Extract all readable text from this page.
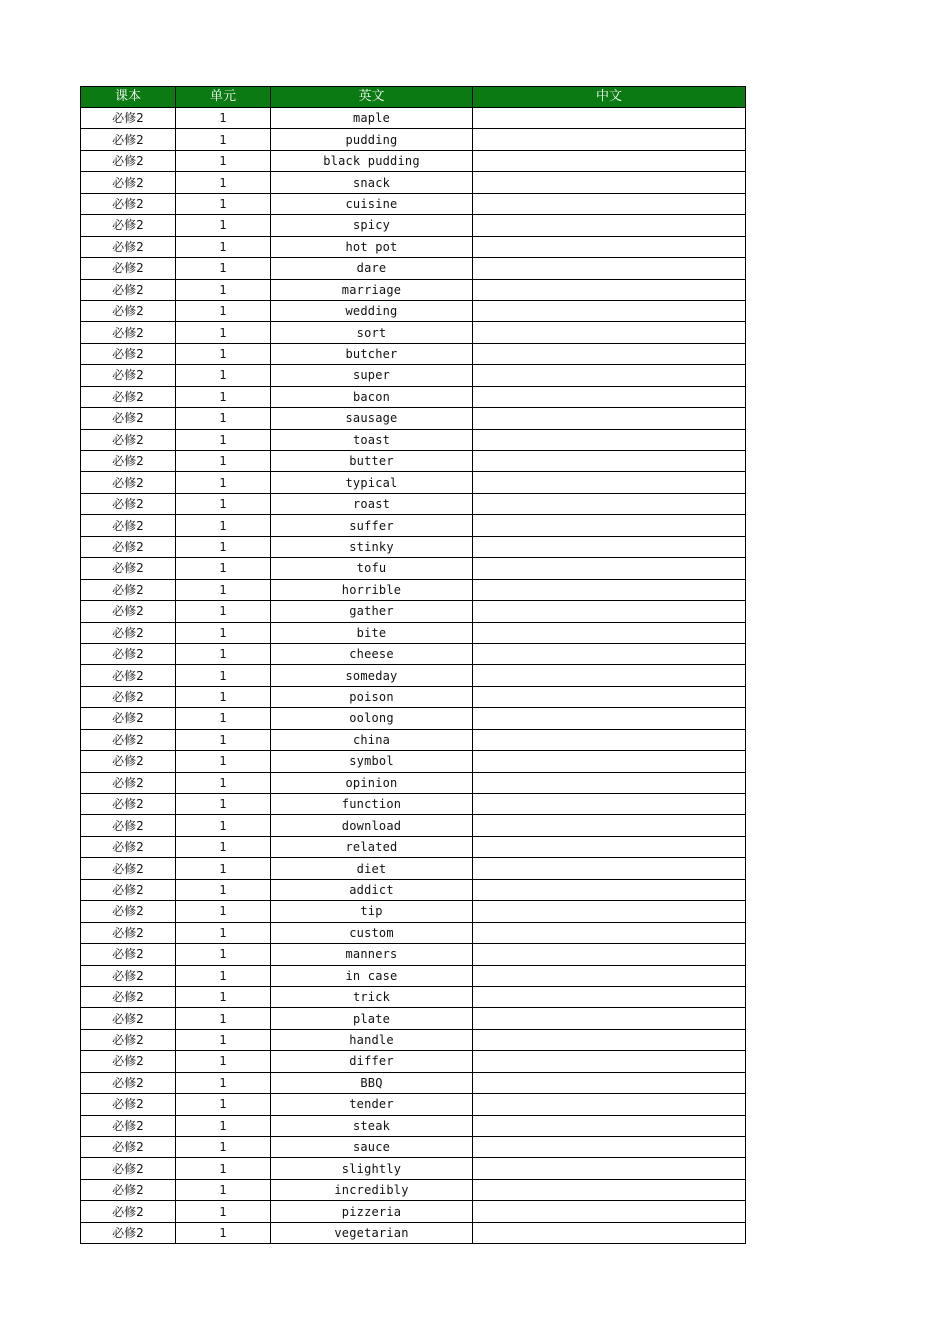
课本	单元	英文	中文
必修2	1	maple	
必修2	1	pudding	
必修2	1	black pudding	
必修2	1	snack	
必修2	1	cuisine	
必修2	1	spicy	
必修2	1	hot pot	
必修2	1	dare	
必修2	1	marriage	
必修2	1	wedding	
必修2	1	sort	
必修2	1	butcher	
必修2	1	super	
必修2	1	bacon	
必修2	1	sausage	
必修2	1	toast	
必修2	1	butter	
必修2	1	typical	
必修2	1	roast	
必修2	1	suffer	
必修2	1	stinky	
必修2	1	tofu	
必修2	1	horrible	
必修2	1	gather	
必修2	1	bite	
必修2	1	cheese	
必修2	1	someday	
必修2	1	poison	
必修2	1	oolong	
必修2	1	china	
必修2	1	symbol	
必修2	1	opinion	
必修2	1	function	
必修2	1	download	
必修2	1	related	
必修2	1	diet	
必修2	1	addict	
必修2	1	tip	
必修2	1	custom	
必修2	1	manners	
必修2	1	in case	
必修2	1	trick	
必修2	1	plate	
必修2	1	handle	
必修2	1	differ	
必修2	1	BBQ	
必修2	1	tender	
必修2	1	steak	
必修2	1	sauce	
必修2	1	slightly	
必修2	1	incredibly	
必修2	1	pizzeria	
必修2	1	vegetarian	
